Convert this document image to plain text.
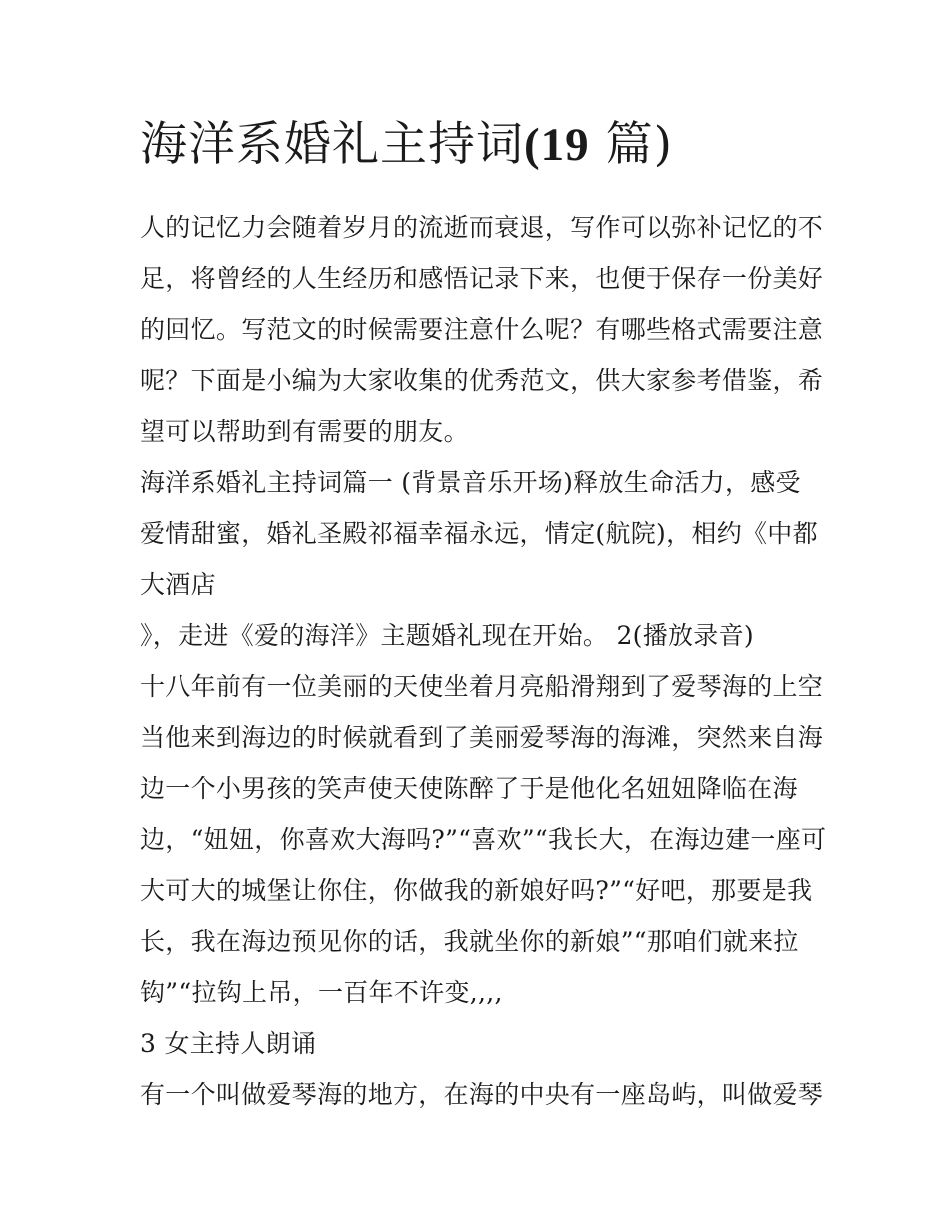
海洋系婚礼主持词(19 篇)
人的记忆力会随着岁月的流逝而衰退，写作可以弥补记忆的不
足，将曾经的人生经历和感悟记录下来，也便于保存一份美好
的回忆。写范文的时候需要注意什么呢？有哪些格式需要注意
呢？下面是小编为大家收集的优秀范文，供大家参考借鉴，希
望可以帮助到有需要的朋友。
海洋系婚礼主持词篇一 (背景音乐开场)释放生命活力，感受
爱情甜蜜，婚礼圣殿祁福幸福永远，情定(航院)，相约《中都
大酒店
》，走进《爱的海洋》主题婚礼现在开始。 2(播放录音)
十八年前有一位美丽的天使坐着月亮船滑翔到了爱琴海的上空
当他来到海边的时候就看到了美丽爱琴海的海滩，突然来自海
边一个小男孩的笑声使天使陈醉了于是他化名妞妞降临在海
边，“妞妞，你喜欢大海吗?”“喜欢”“我长大，在海边建一座可
大可大的城堡让你住，你做我的新娘好吗?”“好吧，那要是我
长，我在海边预见你的话，我就坐你的新娘”“那咱们就来拉
钩”“拉钩上吊，一百年不许变,,,,
3 女主持人朗诵
有一个叫做爱琴海的地方，在海的中央有一座岛屿，叫做爱琴
